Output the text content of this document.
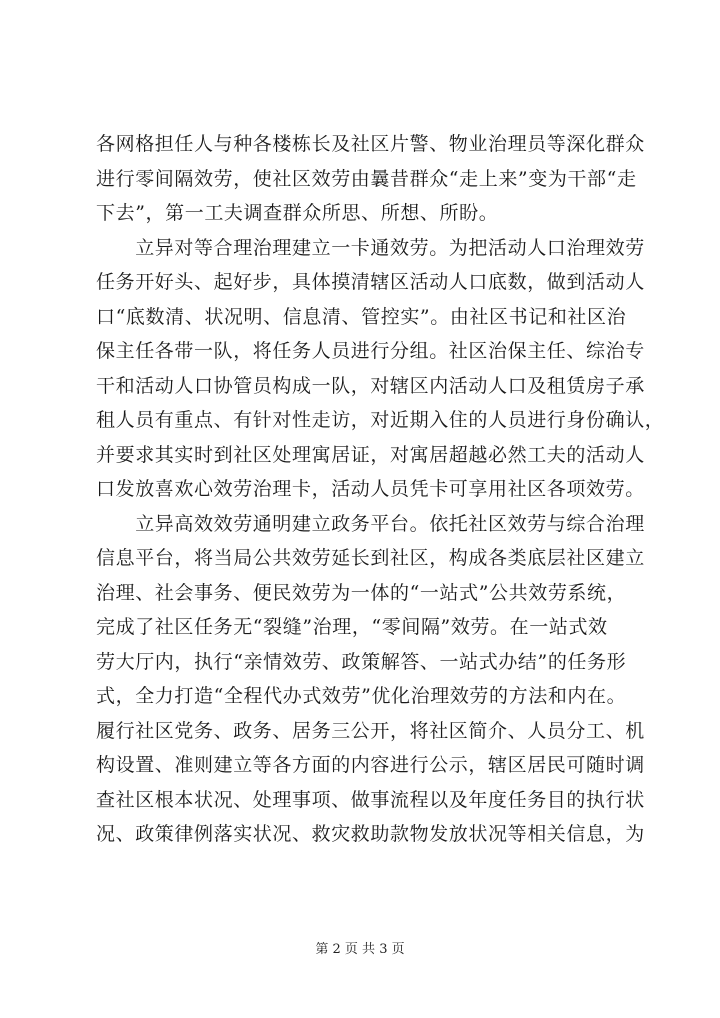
各网格担任人与种各楼栋长及社区片警、物业治理员等深化群众
进行零间隔效劳，使社区效劳由曩昔群众“走上来”变为干部“走
下去”，第一工夫调查群众所思、所想、所盼。
　　立异对等合理治理建立一卡通效劳。为把活动人口治理效劳
任务开好头、起好步，具体摸清辖区活动人口底数，做到活动人
口“底数清、状况明、信息清、管控实”。由社区书记和社区治
保主任各带一队，将任务人员进行分组。社区治保主任、综治专
干和活动人口协管员构成一队，对辖区内活动人口及租赁房子承
租人员有重点、有针对性走访，对近期入住的人员进行身份确认，
并要求其实时到社区处理寓居证，对寓居超越必然工夫的活动人
口发放喜欢心效劳治理卡，活动人员凭卡可享用社区各项效劳。
　　立异高效效劳通明建立政务平台。依托社区效劳与综合治理
信息平台，将当局公共效劳延长到社区，构成各类底层社区建立
治理、社会事务、便民效劳为一体的“一站式”公共效劳系统，
完成了社区任务无“裂缝”治理，“零间隔”效劳。在一站式效
劳大厅内，执行“亲情效劳、政策解答、一站式办结”的任务形
式，全力打造“全程代办式效劳”优化治理效劳的方法和内在。
履行社区党务、政务、居务三公开，将社区简介、人员分工、机
构设置、准则建立等各方面的内容进行公示，辖区居民可随时调
查社区根本状况、处理事项、做事流程以及年度任务目的执行状
况、政策律例落实状况、救灾救助款物发放状况等相关信息，为
第 2 页 共 3 页
